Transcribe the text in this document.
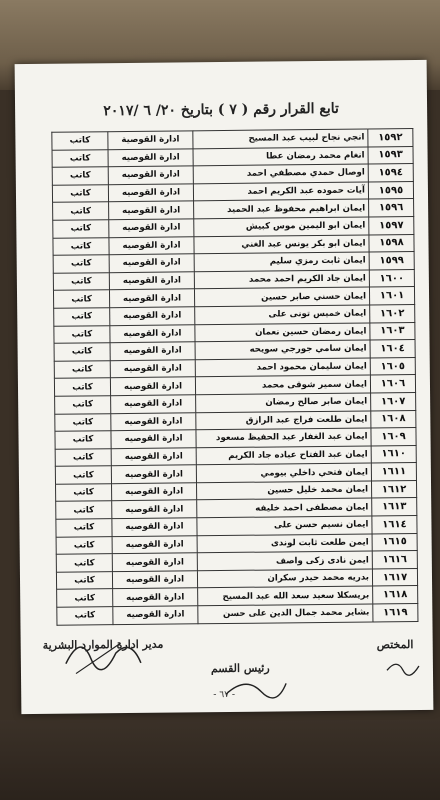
تابع القرار رقم ( ٧ ) بتاريخ ٢٠/ ٦ /٢٠١٧
١٥٩٢	انجي نجاح لبيب عبد المسيح	ادارة القوصية	كاتب
١٥٩٣	انغام محمد رمضان عطا	ادارة القوصيه	كاتب
١٥٩٤	اوصال حمدي مصطفي احمد	ادارة القوصيه	كاتب
١٥٩٥	آيات حموده عبد الكريم احمد	ادارة القوصيه	كاتب
١٥٩٦	ايمان ابراهيم محفوظ عبد الحميد	ادارة القوصيه	كاتب
١٥٩٧	ايمان ابو اليمين موس كبيش	ادارة القوصيه	كاتب
١٥٩٨	ايمان ابو بكر يونس عبد الغني	ادارة القوصيه	كاتب
١٥٩٩	ايمان ثابت رمزي سليم	ادارة القوصيه	كاتب
١٦٠٠	ايمان جاد الكريم احمد محمد	ادارة القوصيه	كاتب
١٦٠١	ايمان حسني صابر حسين	ادارة القوصيه	كاتب
١٦٠٢	ايمان خميس تونى على	ادارة القوصيه	كاتب
١٦٠٣	ايمان رمضان حسين نعمان	ادارة القوصيه	كاتب
١٦٠٤	ايمان سامي جورجي سويحه	ادارة القوصيه	كاتب
١٦٠٥	ايمان سليمان محمود احمد	ادارة القوصيه	كاتب
١٦٠٦	ايمان سمير شوقى محمد	ادارة القوصيه	كاتب
١٦٠٧	ايمان صابر صالح رمضان	ادارة القوصيه	كاتب
١٦٠٨	ايمان طلعت فراج عبد الرازق	ادارة القوصيه	كاتب
١٦٠٩	ايمان عبد الغفار عبد الحفيظ مسعود	ادارة القوصيه	كاتب
١٦١٠	ايمان عبد الفتاح عباده جاد الكريم	ادارة القوصيه	كاتب
١٦١١	ايمان فتحي داخلي بيومي	ادارة القوصيه	كاتب
١٦١٢	ايمان محمد خليل حسين	ادارة القوصيه	كاتب
١٦١٣	ايمان مصطفى احمد خليفه	ادارة القوصيه	كاتب
١٦١٤	ايمان نسيم حسن على	ادارة القوصيه	كاتب
١٦١٥	ايمن طلعت ثابت لوندى	ادارة القوصيه	كاتب
١٦١٦	ايمن نادى زكى واصف	ادارة القوصيه	كاتب
١٦١٧	بدريه محمد حيدر سكران	ادارة القوصيه	كاتب
١٦١٨	بريسكلا سعيد سعد الله عبد المسيح	ادارة القوصيه	كاتب
١٦١٩	بشاير محمد جمال الدين على حسن	ادارة القوصيه	كاتب
مدير ادارة الموارد البشرية
رئيس القسم
المختص
- ٦٧ -
